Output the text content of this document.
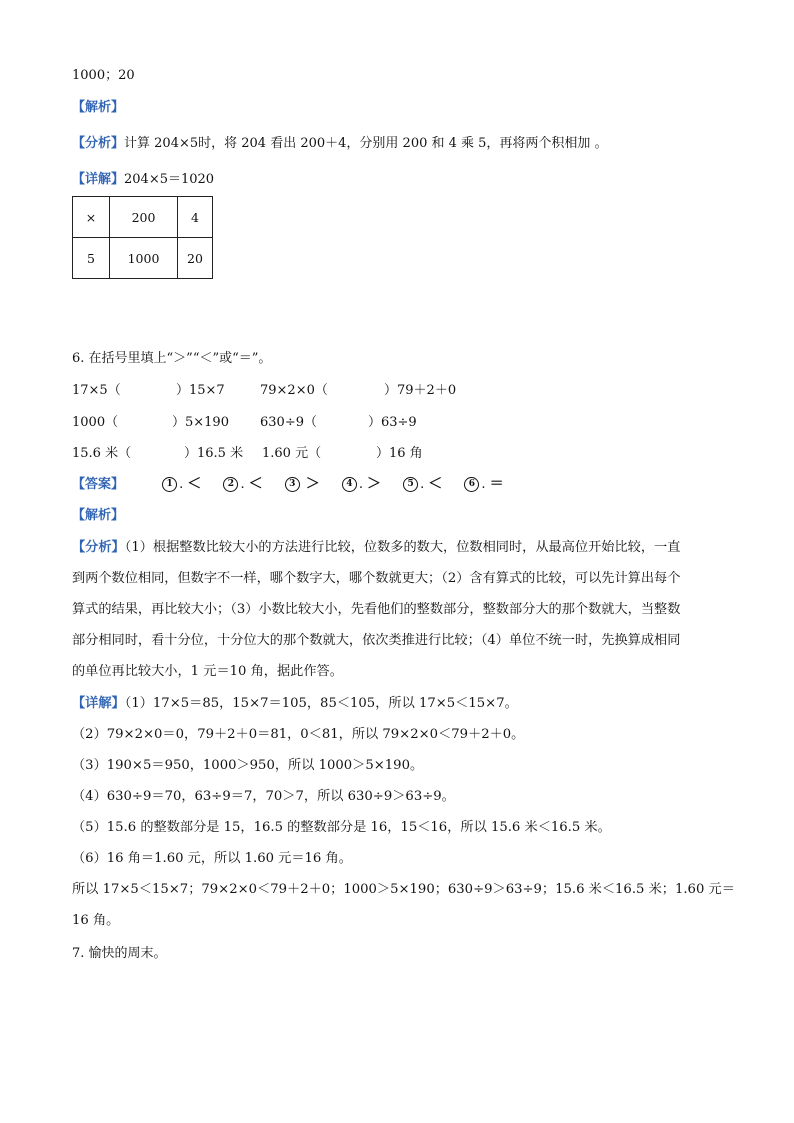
1000；20
【解析】
【分析】计算 204×5时，将 204 看出 200＋4，分别用 200 和 4 乘 5，再将两个积相加 。
【详解】204×5＝1020
×	200	4
5	1000	20
6. 在括号里填上“＞”“＜”或“＝”。
17×5（	）15×7	79×2×0（	）79＋2＋0
1000（	）5×190 630÷9（	）63÷9
15.6 米（	）16.5 米 1.60 元（	）16 角
【答案】	1 . ＜	2 . ＜	3 ＞	4 . ＞	5 . ＜	6 . ＝
【解析】
【分析】（1）根据整数比较大小的方法进行比较，位数多的数大，位数相同时，从最高位开始比较，一直
到两个数位相同，但数字不一样，哪个数字大，哪个数就更大；（2）含有算式的比较，可以先计算出每个
算式的结果，再比较大小；（3）小数比较大小，先看他们的整数部分，整数部分大的那个数就大，当整数
部分相同时，看十分位，十分位大的那个数就大，依次类推进行比较；（4）单位不统一时，先换算成相同
的单位再比较大小，1 元＝10 角，据此作答。
【详解】（1）17×5＝85，15×7＝105，85＜105，所以 17×5＜15×7。
（2）79×2×0＝0，79＋2＋0＝81，0＜81，所以 79×2×0＜79＋2＋0。
（3）190×5＝950，1000＞950，所以 1000＞5×190。
（4）630÷9＝70，63÷9＝7，70＞7，所以 630÷9＞63÷9。
（5）15.6 的整数部分是 15，16.5 的整数部分是 16，15＜16，所以 15.6 米＜16.5 米。
（6）16 角＝1.60 元，所以 1.60 元＝16 角。
所以 17×5＜15×7；79×2×0＜79＋2＋0；1000＞5×190；630÷9＞63÷9；15.6 米＜16.5 米；1.60 元＝
16 角。
7. 愉快的周末。
